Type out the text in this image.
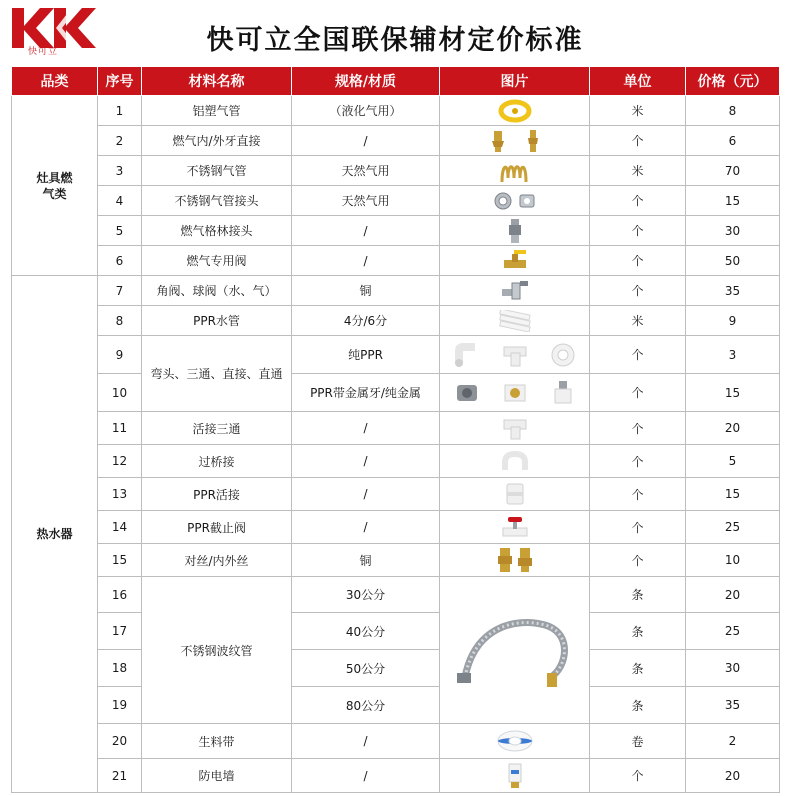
快可立	快可立全国联保辅材定价标准
品类	序号	材料名称	规格/材质	图片	单位	价格（元）
灶具燃气类	1	铝塑气管	（液化气用）		米	8
	2	燃气内/外牙直接	/		个	6
	3	不锈钢气管	天然气用		米	70
	4	不锈钢气管接头	天然气用		个	15
	5	燃气格林接头	/		个	30
	6	燃气专用阀	/		个	50
热水器	7	角阀、球阀（水、气）	铜		个	35
	8	PPR水管	4分/6分		米	9
	9	弯头、三通、直接、直通	纯PPR		个	3
	10		PPR带金属牙/纯金属		个	15
	11	活接三通	/		个	20
	12	过桥接	/		个	5
	13	PPR活接	/		个	15
	14	PPR截止阀	/		个	25
	15	对丝/内外丝	铜		个	10
	16	不锈钢波纹管	30公分		条	20
	17		40公分		条	25
	18		50公分		条	30
	19		80公分		条	35
	20	生料带	/		卷	2
	21	防电墙	/		个	20
